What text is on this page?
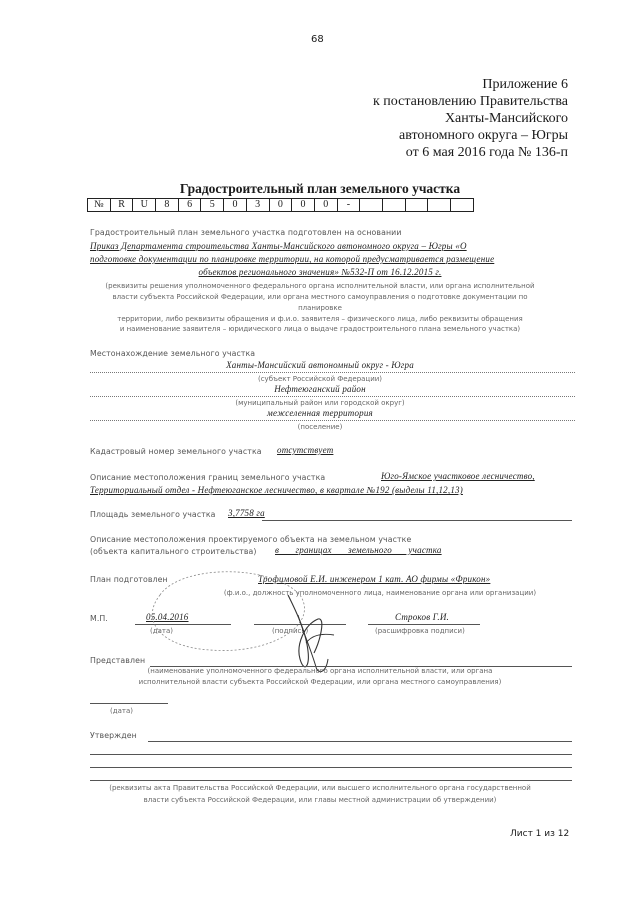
68
Приложение 6
к постановлению Правительства
Ханты-Мансийского
автономного округа – Югры
от 6 мая 2016 года № 136-п
Градостроительный план земельного участка
№	R	U	8	6	5	0	3	0	0	0	-					
Градостроительный план земельного участка подготовлен на основании
Приказ Департамента строительства Ханты-Мансийского автономного округа – Югры «О
подготовке документации по планировке территории, на которой предусматривается размещение
объектов регионального значения» №532-П от 16.12.2015 г.
(реквизиты решения уполномоченного федерального органа исполнительной власти, или органа исполнительной
власти субъекта Российской Федерации, или органа местного самоуправления о подготовке документации по
планировке
территории, либо реквизиты обращения и ф.и.о. заявителя – физического лица, либо реквизиты обращения
и наименование заявителя – юридического лица о выдаче градостроительного плана земельного участка)
Местонахождение земельного участка
Ханты-Мансийский автономный округ - Югра
(субъект Российской Федерации)
Нефтеюганский район
(муниципальный район или городской округ)
межселенная территория
(поселение)
Кадастровый номер земельного участка отсутствует
Описание местоположения границ земельного участка	Юго-Ямское участковое лесничество,
Территориальный отдел - Нефтеюганское лесничество, в квартале №192 (выделы 11,12,13)
Площадь земельного участка 3,7758 га
Описание местоположения проектируемого объекта на земельном участке
(объекта капитального строительства) в границах земельного участка
План подготовлен	Трофимовой Е.И. инженером 1 кат. АО фирмы «Фрикон»
(ф.и.о., должность уполномоченного лица, наименование органа или организации)
М.П.	05.04.2016
(дата)	(подпись)
Строков Г.И.
(расшифровка подписи)
Представлен
(наименование уполномоченного федерального органа исполнительной власти, или органа
исполнительной власти субъекта Российской Федерации, или органа местного самоуправления)
(дата)
Утвержден
(реквизиты акта Правительства Российской Федерации, или высшего исполнительного органа государственной
власти субъекта Российской Федерации, или главы местной администрации об утверждении)
Лист 1 из 12
